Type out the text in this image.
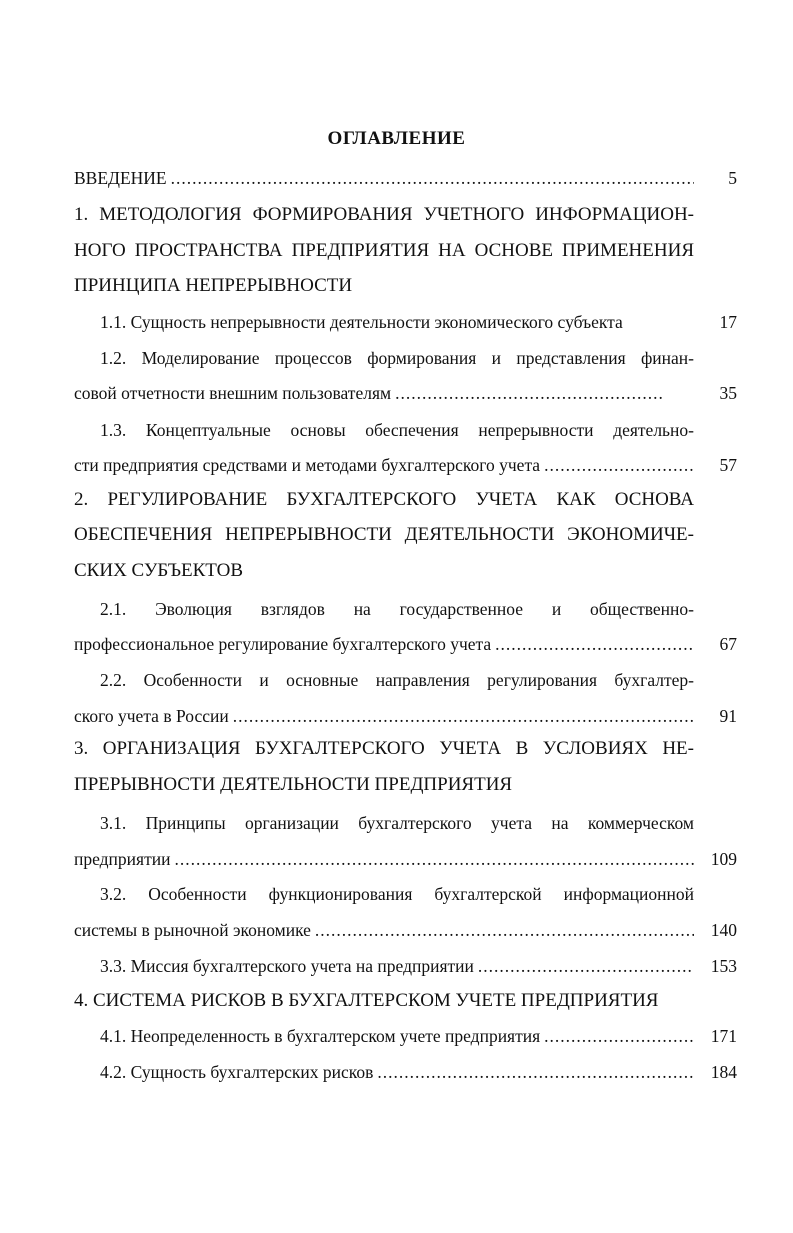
ОГЛАВЛЕНИЕ
ВВЕДЕНИЕ .....	5
1. МЕТОДОЛОГИЯ ФОРМИРОВАНИЯ УЧЕТНОГО ИНФОРМАЦИОН-
НОГО ПРОСТРАНСТВА ПРЕДПРИЯТИЯ НА ОСНОВЕ ПРИМЕНЕНИЯ
ПРИНЦИПА НЕПРЕРЫВНОСТИ
1.1. Сущность непрерывности деятельности экономического субъекта	17
1.2. Моделирование процессов формирования и представления финан-
совой отчетности внешним пользователям .....	35
1.3. Концептуальные основы обеспечения непрерывности деятельно-
сти предприятия средствами и методами бухгалтерского учета .....	57
2. РЕГУЛИРОВАНИЕ БУХГАЛТЕРСКОГО УЧЕТА КАК ОСНОВА
ОБЕСПЕЧЕНИЯ НЕПРЕРЫВНОСТИ ДЕЯТЕЛЬНОСТИ ЭКОНОМИЧЕ-
СКИХ СУБЪЕКТОВ
2.1. Эволюция взглядов на государственное и общественно-
профессиональное регулирование бухгалтерского учета .....	67
2.2. Особенности и основные направления регулирования бухгалтер-
ского учета в России .....	91
3. ОРГАНИЗАЦИЯ БУХГАЛТЕРСКОГО УЧЕТА В УСЛОВИЯХ НЕ-
ПРЕРЫВНОСТИ ДЕЯТЕЛЬНОСТИ ПРЕДПРИЯТИЯ
3.1. Принципы организации бухгалтерского учета на коммерческом
предприятии .....	109
3.2. Особенности функционирования бухгалтерской информационной
системы в рыночной экономике .....	140
3.3. Миссия бухгалтерского учета на предприятии .....	153
4. СИСТЕМА РИСКОВ В БУХГАЛТЕРСКОМ УЧЕТЕ ПРЕДПРИЯТИЯ
4.1. Неопределенность в бухгалтерском учете предприятия .....	171
4.2. Сущность бухгалтерских рисков .....	184
